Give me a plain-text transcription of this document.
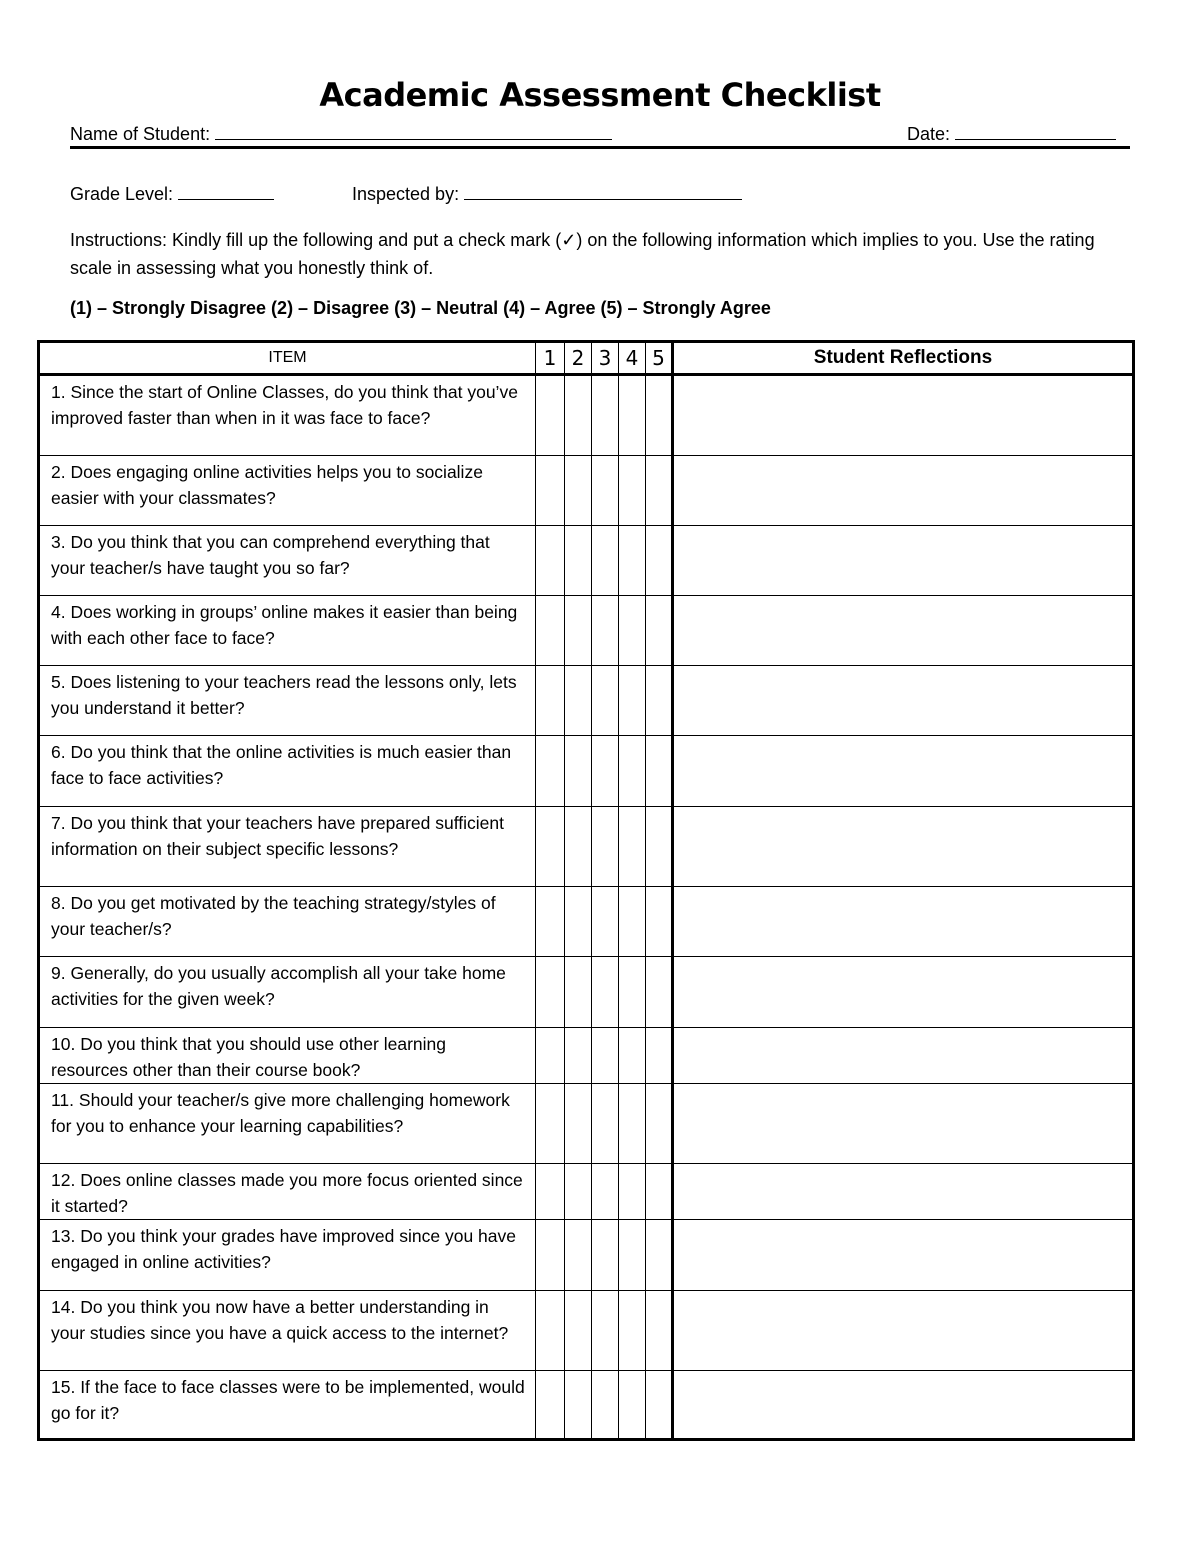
Academic Assessment Checklist
Name of Student:	Date:
Grade Level:	Inspected by:
Instructions: Kindly fill up the following and put a check mark (✓) on the following information which implies to you. Use the rating scale in assessing what you honestly think of.
(1) – Strongly Disagree (2) – Disagree (3) – Neutral (4) – Agree (5) – Strongly Agree
ITEM	1	2	3	4	5	Student Reflections
1. Since the start of Online Classes, do you think that you’ve improved faster than when in it was face to face?						
2. Does engaging online activities helps you to socialize easier with your classmates?						
3. Do you think that you can comprehend everything that your teacher/s have taught you so far?						
4. Does working in groups’ online makes it easier than being with each other face to face?						
5. Does listening to your teachers read the lessons only, lets you understand it better?						
6. Do you think that the online activities is much easier than face to face activities?						
7. Do you think that your teachers have prepared sufficient information on their subject specific lessons?						
8. Do you get motivated by the teaching strategy/styles of your teacher/s?						
9. Generally, do you usually accomplish all your take home activities for the given week?						
10. Do you think that you should use other learning resources other than their course book?						
11. Should your teacher/s give more challenging homework for you to enhance your learning capabilities?						
12. Does online classes made you more focus oriented since it started?						
13. Do you think your grades have improved since you have engaged in online activities?						
14. Do you think you now have a better understanding in your studies since you have a quick access to the internet?						
15. If the face to face classes were to be implemented, would go for it?						
